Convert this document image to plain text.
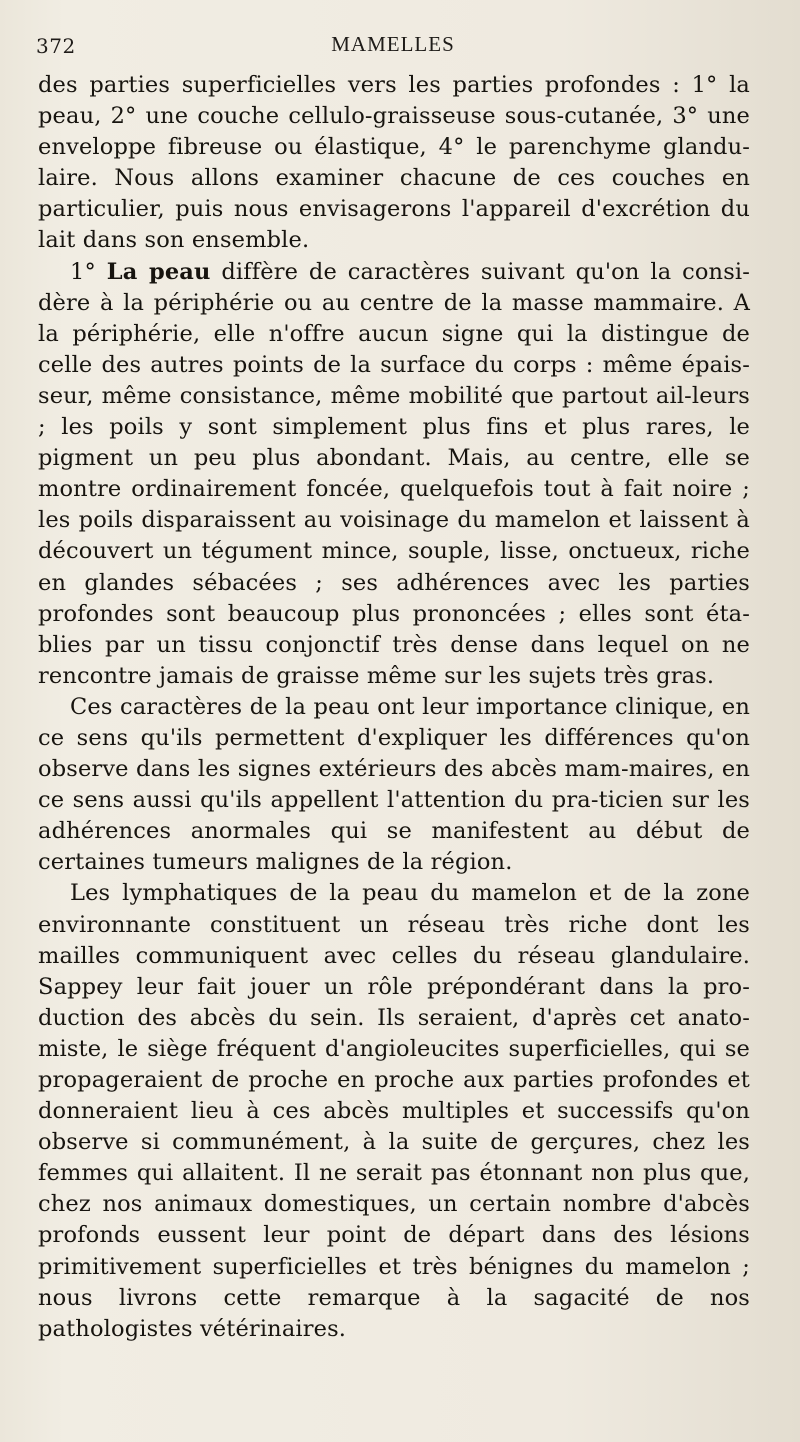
372	MAMELLES

des parties superficielles vers les parties profondes : 1° la peau, 2° une couche cellulo-graisseuse sous-cutanée, 3° une enveloppe fibreuse ou élastique, 4° le parenchyme glandu-laire. Nous allons examiner chacune de ces couches en particulier, puis nous envisagerons l'appareil d'excrétion du lait dans son ensemble.

1° La peau diffère de caractères suivant qu'on la consi-dère à la périphérie ou au centre de la masse mammaire. A la périphérie, elle n'offre aucun signe qui la distingue de celle des autres points de la surface du corps : même épais-seur, même consistance, même mobilité que partout ail-leurs ; les poils y sont simplement plus fins et plus rares, le pigment un peu plus abondant. Mais, au centre, elle se montre ordinairement foncée, quelquefois tout à fait noire ; les poils disparaissent au voisinage du mamelon et laissent à découvert un tégument mince, souple, lisse, onctueux, riche en glandes sébacées ; ses adhérences avec les parties profondes sont beaucoup plus prononcées ; elles sont éta-blies par un tissu conjonctif très dense dans lequel on ne rencontre jamais de graisse même sur les sujets très gras.

Ces caractères de la peau ont leur importance clinique, en ce sens qu'ils permettent d'expliquer les différences qu'on observe dans les signes extérieurs des abcès mam-maires, en ce sens aussi qu'ils appellent l'attention du pra-ticien sur les adhérences anormales qui se manifestent au début de certaines tumeurs malignes de la région.

Les lymphatiques de la peau du mamelon et de la zone environnante constituent un réseau très riche dont les mailles communiquent avec celles du réseau glandulaire. Sappey leur fait jouer un rôle prépondérant dans la pro-duction des abcès du sein. Ils seraient, d'après cet anato-miste, le siège fréquent d'angioleucites superficielles, qui se propageraient de proche en proche aux parties profondes et donneraient lieu à ces abcès multiples et successifs qu'on observe si communément, à la suite de gerçures, chez les femmes qui allaitent. Il ne serait pas étonnant non plus que, chez nos animaux domestiques, un certain nombre d'abcès profonds eussent leur point de départ dans des lésions primitivement superficielles et très bénignes du mamelon ; nous livrons cette remarque à la sagacité de nos pathologistes vétérinaires.
